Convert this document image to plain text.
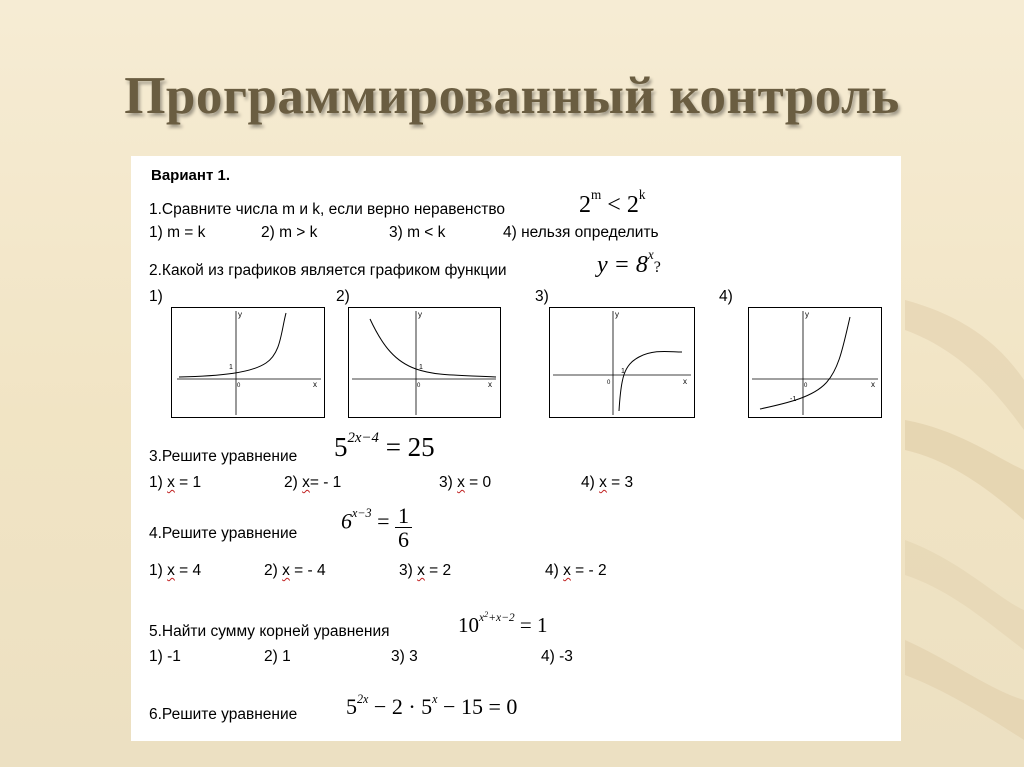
Программированный контроль
Вариант 1.
1.Сравните числа m и k, если верно неравенство	$2^m < 2^k$
1) m = k	2) m > k	3) m < k	4) нельзя определить
2.Какой из графиков является графиком функции	$y = 8^x$?
1)	2)	3)	4)
y
x
0
1
y
x
0
1
y
x
0
1
y
x
0
-1
3.Решите уравнение $5^{2x-4} = 25$
1) x = 1	2) x= - 1	3) x = 0	4) x = 3
4.Решите уравнение $6^{x-3} = \frac{1}{6}$
1) x = 4	2) x = - 4	3) x = 2	4) x = - 2
5.Найти сумму корней уравнения	$10^{x^2+x-2} = 1$
1) -1	2) 1	3) 3	4) -3
6.Решите уравнение $5^{2x} - 2 \cdot 5^x - 15 = 0$
